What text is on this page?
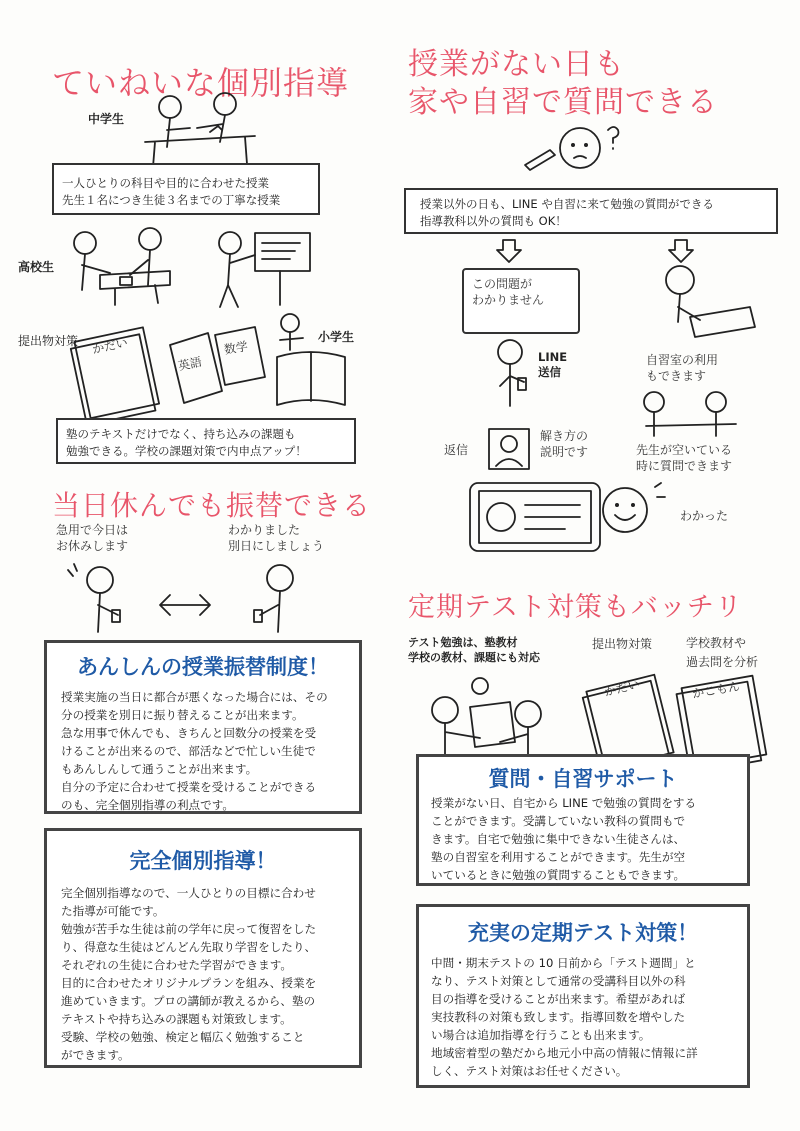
ていねいな個別指導
中学生
一人ひとりの科目や目的に合わせた授業
先生１名につき生徒３名までの丁寧な授業
高校生
提出物対策	小学生
かだい
英語
数学
塾のテキストだけでなく、持ち込みの課題も
勉強できる。学校の課題対策で内申点アップ！
当日休んでも振替できる
急用で今日は
お休みします
わかりました
別日にしましょう
あんしんの授業振替制度！
授業実施の当日に都合が悪くなった場合には、その
分の授業を別日に振り替えることが出来ます。
急な用事で休んでも、きちんと回数分の授業を受
けることが出来るので、部活などで忙しい生徒で
もあんしんして通うことが出来ます。
自分の予定に合わせて授業を受けることができる
のも、完全個別指導の利点です。
完全個別指導！
完全個別指導なので、一人ひとりの目標に合わせ
た指導が可能です。
勉強が苦手な生徒は前の学年に戻って復習をした
り、得意な生徒はどんどん先取り学習をしたり、
それぞれの生徒に合わせた学習ができます。
目的に合わせたオリジナルプランを組み、授業を
進めていきます。プロの講師が教えるから、塾の
テキストや持ち込みの課題も対策致します。
受験、学校の勉強、検定と幅広く勉強すること
ができます。
授業がない日も
家や自習で質問できる
授業以外の日も、LINE や自習に来て勉強の質問ができる
指導教科以外の質問も OK！
この問題が
わかりません
LINE
送信
自習室の利用
もできます
返信
解き方の
説明です	先生が空いている
時に質問できます
わかった
定期テスト対策もバッチリ
テスト勉強は、塾教材
学校の教材、課題にも対応
提出物対策	学校教材や
過去問を分析
かだい	かこもん
質問・自習サポート
授業がない日、自宅から LINE で勉強の質問をする
ことができます。受講していない教科の質問もで
きます。自宅で勉強に集中できない生徒さんは、
塾の自習室を利用することができます。先生が空
いているときに勉強の質問することもできます。
充実の定期テスト対策！
中間・期末テストの 10 日前から「テスト週間」と
なり、テスト対策として通常の受講科目以外の科
目の指導を受けることが出来ます。希望があれば
実技教科の対策も致します。指導回数を増やした
い場合は追加指導を行うことも出来ます。
地域密着型の塾だから地元小中高の情報に情報に詳
しく、テスト対策はお任せください。
